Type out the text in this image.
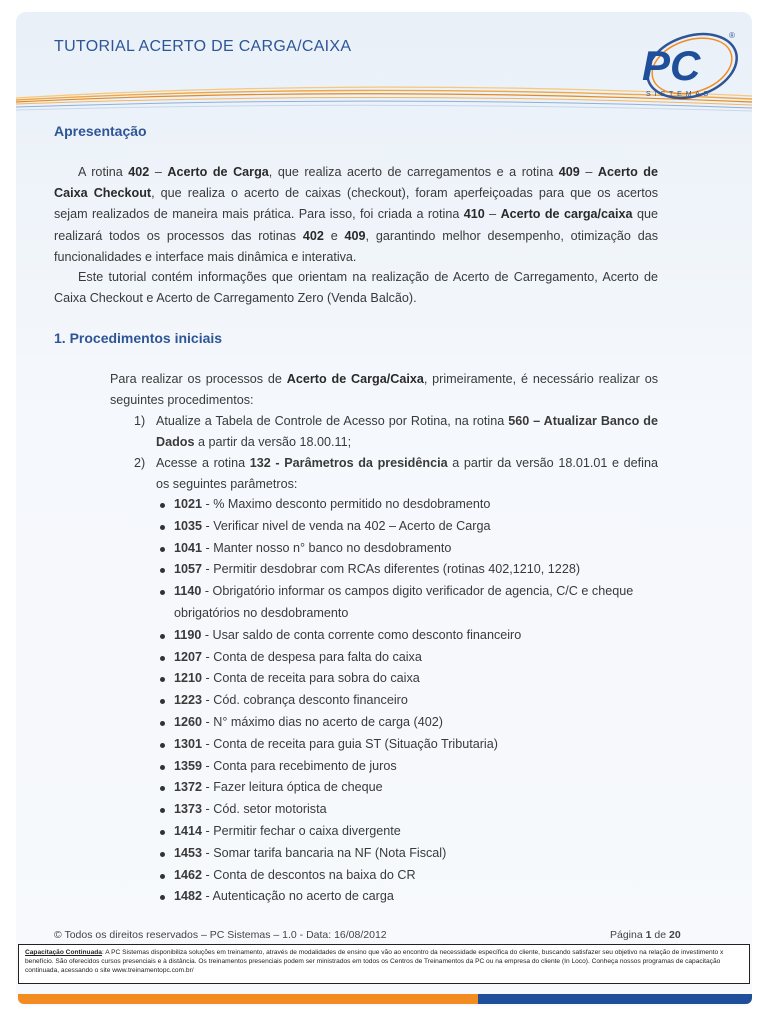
TUTORIAL ACERTO DE CARGA/CAIXA	PC
S I S T E M A S
®
Apresentação
A rotina 402 – Acerto de Carga, que realiza acerto de carregamentos e a rotina 409 – Acerto de Caixa Checkout, que realiza o acerto de caixas (checkout), foram aperfeiçoadas para que os acertos sejam realizados de maneira mais prática. Para isso, foi criada a rotina 410 – Acerto de carga/caixa que realizará todos os processos das rotinas 402 e 409, garantindo melhor desempenho, otimização das funcionalidades e interface mais dinâmica e interativa.
Este tutorial contém informações que orientam na realização de Acerto de Carregamento, Acerto de Caixa Checkout e Acerto de Carregamento Zero (Venda Balcão).
1. Procedimentos iniciais
Para realizar os processos de Acerto de Carga/Caixa, primeiramente, é necessário realizar os seguintes procedimentos:
1) Atualize a Tabela de Controle de Acesso por Rotina, na rotina 560 – Atualizar Banco de Dados a partir da versão 18.00.11;
2) Acesse a rotina 132 - Parâmetros da presidência a partir da versão 18.01.01 e defina os seguintes parâmetros:
1021 - % Maximo desconto permitido no desdobramento
1035 - Verificar nivel de venda na 402 – Acerto de Carga
1041 - Manter nosso n° banco no desdobramento
1057 - Permitir desdobrar com RCAs diferentes (rotinas 402,1210, 1228)
1140 - Obrigatório informar os campos digito verificador de agencia, C/C e cheque obrigatórios no desdobramento
1190 - Usar saldo de conta corrente como desconto financeiro
1207 - Conta de despesa para falta do caixa
1210 - Conta de receita para sobra do caixa
1223 - Cód. cobrança desconto financeiro
1260 - N° máximo dias no acerto de carga (402)
1301 - Conta de receita para guia ST (Situação Tributaria)
1359 - Conta para recebimento de juros
1372 - Fazer leitura óptica de cheque
1373 - Cód. setor motorista
1414 - Permitir fechar o caixa divergente
1453 - Somar tarifa bancaria na NF (Nota Fiscal)
1462 - Conta de descontos na baixa do CR
1482 - Autenticação no acerto de carga
© Todos os direitos reservados – PC Sistemas – 1.0 - Data: 16/08/2012	Página 1 de 20
Capacitação Continuada: A PC Sistemas disponibiliza soluções em treinamento, através de modalidades de ensino que vão ao encontro da necessidade específica do cliente, buscando satisfazer seu objetivo na relação de investimento x benefício. São oferecidos cursos presenciais e à distância. Os treinamentos presenciais podem ser ministrados em todos os Centros de Treinamentos da PC ou na empresa do cliente (In Loco). Conheça nossos programas de capacitação continuada, acessando o site www.treinamentopc.com.br/
